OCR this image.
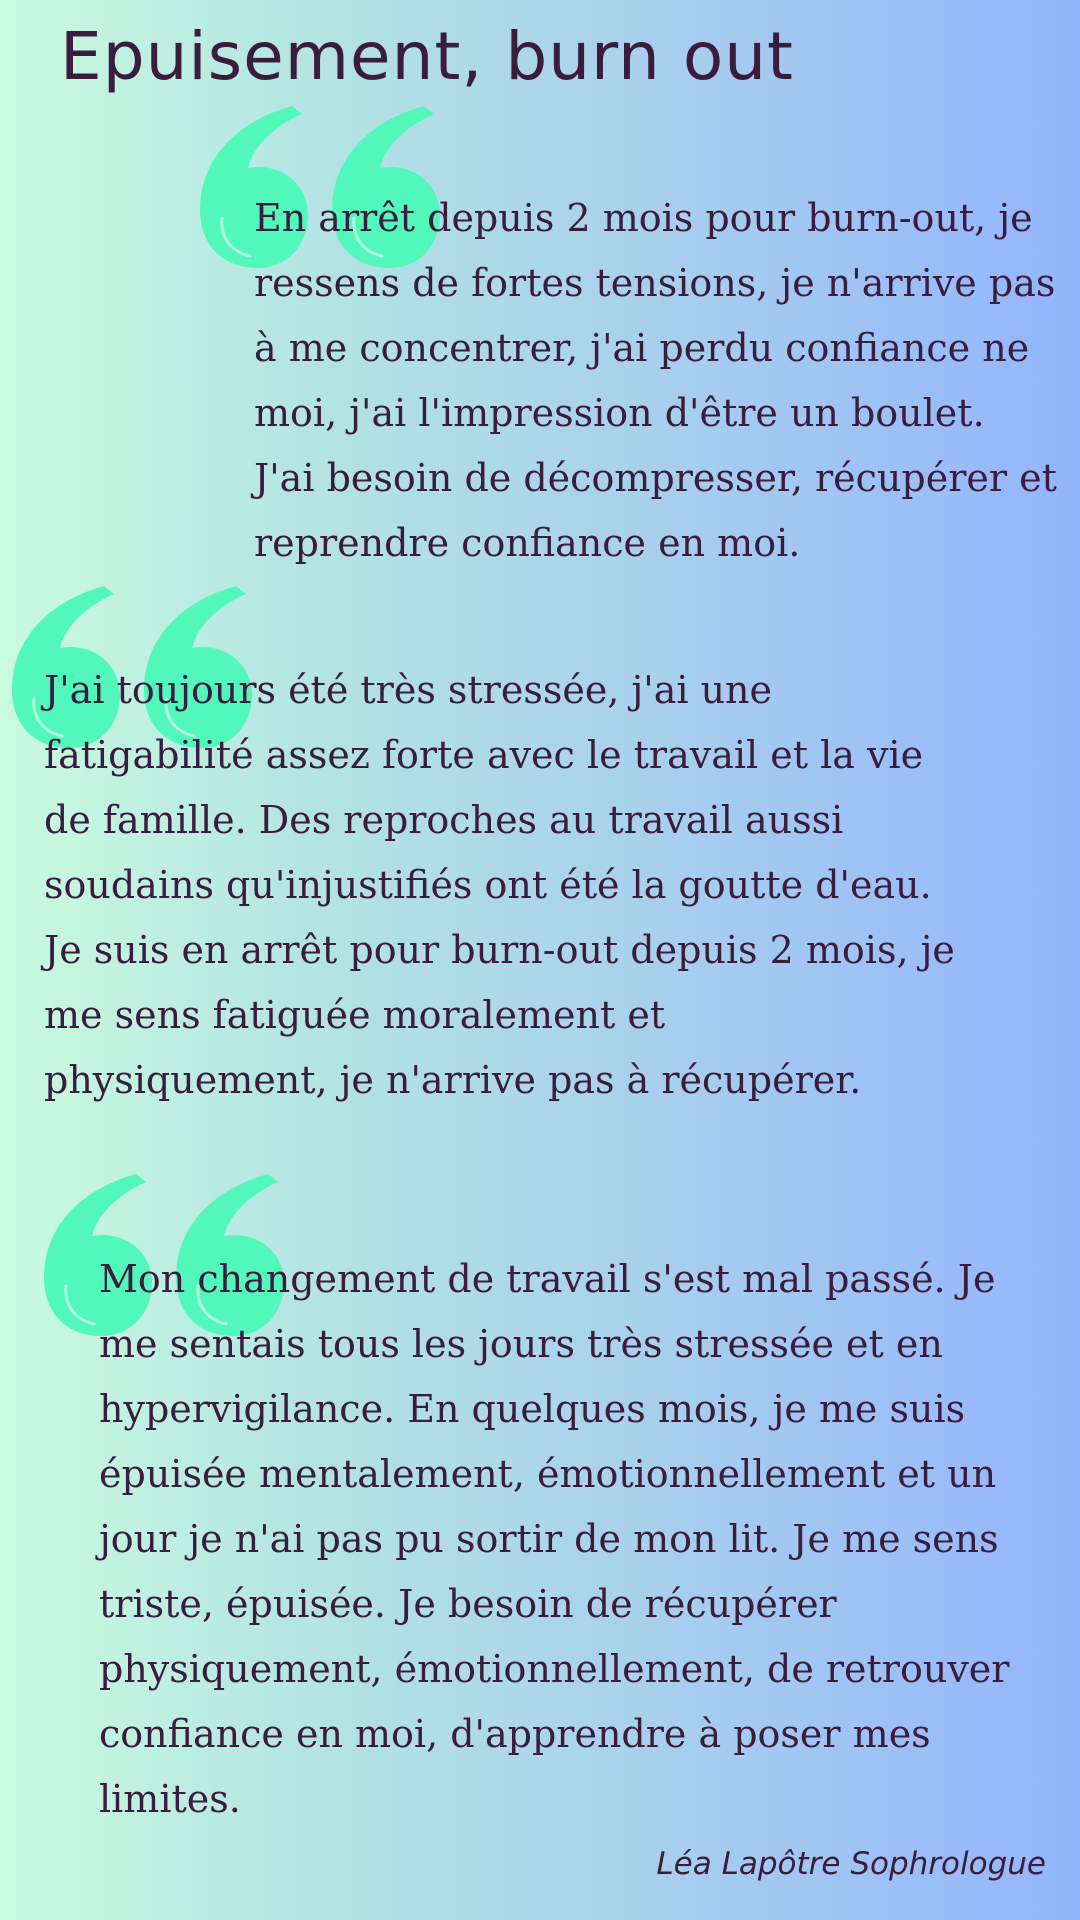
Epuisement, burn out

En arrêt depuis 2 mois pour burn-out, je
ressens de fortes tensions, je n'arrive pas
à me concentrer, j'ai perdu confiance ne
moi, j'ai l'impression d'être un boulet.
J'ai besoin de décompresser, récupérer et
reprendre confiance en moi.

J'ai toujours été très stressée, j'ai une
fatigabilité assez forte avec le travail et la vie
de famille. Des reproches au travail aussi
soudains qu'injustifiés ont été la goutte d'eau.
Je suis en arrêt pour burn-out depuis 2 mois, je
me sens fatiguée moralement et
physiquement, je n'arrive pas à récupérer.

Mon changement de travail s'est mal passé. Je
me sentais tous les jours très stressée et en
hypervigilance. En quelques mois, je me suis
épuisée mentalement, émotionnellement et un
jour je n'ai pas pu sortir de mon lit. Je me sens
triste, épuisée. Je besoin de récupérer
physiquement, émotionnellement, de retrouver
confiance en moi, d'apprendre à poser mes
limites.

Léa Lapôtre Sophrologue
